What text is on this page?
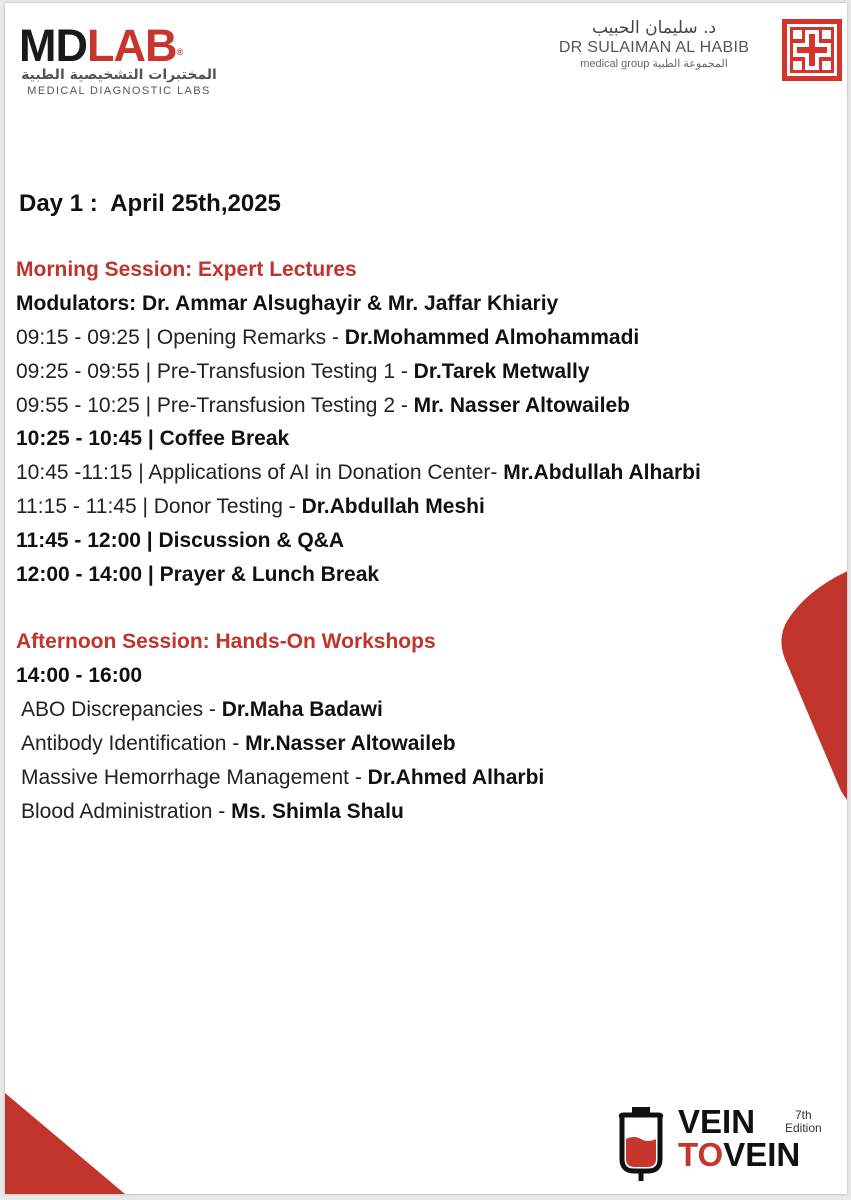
MDLAB®
المختبرات التشخيصية الطبية
MEDICAL DIAGNOSTIC LABS
د. سليمان الحبيب
DR SULAIMAN AL HABIB
medical group المجموعة الطبية
Day 1 :  April 25th,2025
Morning Session: Expert Lectures
Modulators: Dr. Ammar Alsughayir & Mr. Jaffar Khiariy
09:15 - 09:25 | Opening Remarks - Dr.Mohammed Almohammadi
09:25 - 09:55 | Pre-Transfusion Testing 1 - Dr.Tarek Metwally
09:55 - 10:25 | Pre-Transfusion Testing 2 - Mr. Nasser Altowaileb
10:25 - 10:45 | Coffee Break
10:45 -11:15 | Applications of AI in Donation Center- Mr.Abdullah Alharbi
11:15 - 11:45 | Donor Testing - Dr.Abdullah Meshi
11:45 - 12:00 | Discussion & Q&A
12:00 - 14:00 | Prayer & Lunch Break
Afternoon Session: Hands-On Workshops
14:00 - 16:00
ABO Discrepancies - Dr.Maha Badawi
Antibody Identification - Mr.Nasser Altowaileb
Massive Hemorrhage Management - Dr.Ahmed Alharbi
Blood Administration - Ms. Shimla Shalu
VEIN
TOVEIN
7th
Edition
